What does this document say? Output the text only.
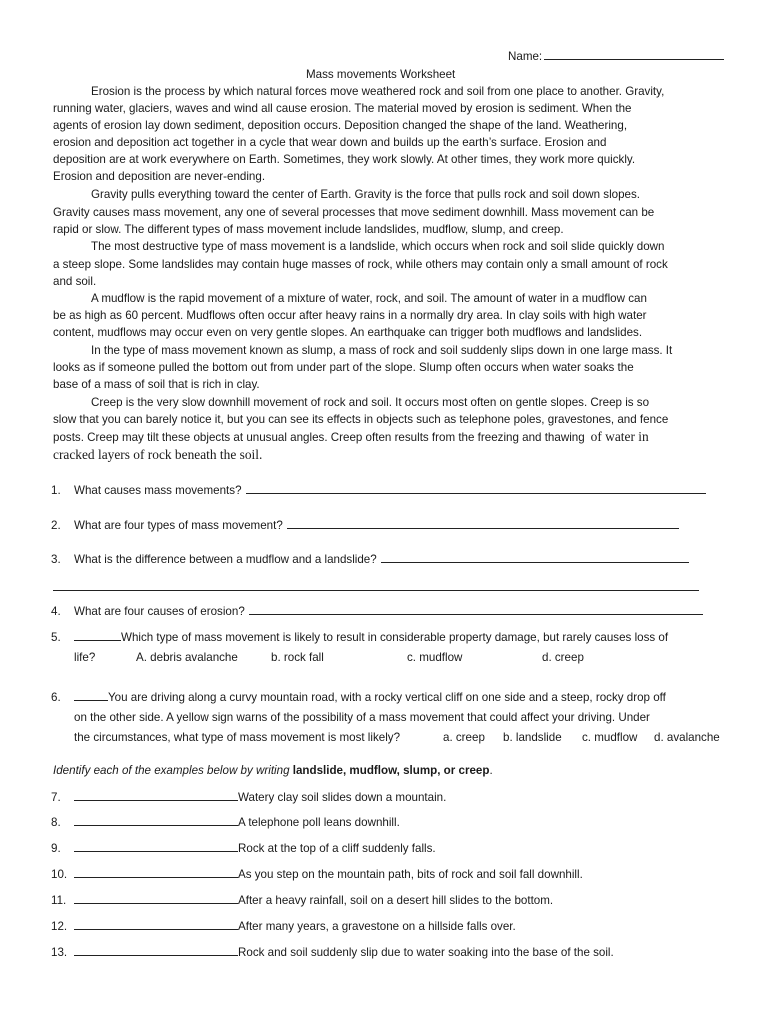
Name:
Mass movements Worksheet
Erosion is the process by which natural forces move weathered rock and soil from one place to another. Gravity,
running water, glaciers, waves and wind all cause erosion. The material moved by erosion is sediment. When the
agents of erosion lay down sediment, deposition occurs. Deposition changed the shape of the land. Weathering,
erosion and deposition act together in a cycle that wear down and builds up the earth’s surface. Erosion and
deposition are at work everywhere on Earth. Sometimes, they work slowly. At other times, they work more quickly.
Erosion and deposition are never-ending.
Gravity pulls everything toward the center of Earth. Gravity is the force that pulls rock and soil down slopes.
Gravity causes mass movement, any one of several processes that move sediment downhill. Mass movement can be
rapid or slow. The different types of mass movement include landslides, mudflow, slump, and creep.
The most destructive type of mass movement is a landslide, which occurs when rock and soil slide quickly down
a steep slope. Some landslides may contain huge masses of rock, while others may contain only a small amount of rock
and soil.
A mudflow is the rapid movement of a mixture of water, rock, and soil. The amount of water in a mudflow can
be as high as 60 percent. Mudflows often occur after heavy rains in a normally dry area. In clay soils with high water
content, mudflows may occur even on very gentle slopes. An earthquake can trigger both mudflows and landslides.
In the type of mass movement known as slump, a mass of rock and soil suddenly slips down in one large mass. It
looks as if someone pulled the bottom out from under part of the slope. Slump often occurs when water soaks the
base of a mass of soil that is rich in clay.
Creep is the very slow downhill movement of rock and soil. It occurs most often on gentle slopes. Creep is so
slow that you can barely notice it, but you can see its effects in objects such as telephone poles, gravestones, and fence
posts. Creep may tilt these objects at unusual angles. Creep often results from the freezing and thawing of water in
cracked layers of rock beneath the soil.
1. What causes mass movements?
2. What are four types of mass movement?
3. What is the difference between a mudflow and a landslide?
4. What are four causes of erosion?
5.	Which type of mass movement is likely to result in considerable property damage, but rarely causes loss of
life?	A. debris avalanche	b. rock fall	c. mudflow	d. creep
6.	You are driving along a curvy mountain road, with a rocky vertical cliff on one side and a steep, rocky drop off
on the other side. A yellow sign warns of the possibility of a mass movement that could affect your driving. Under
the circumstances, what type of mass movement is most likely?	a. creep b. landslide c. mudflow d. avalanche
Identify each of the examples below by writing landslide, mudflow, slump, or creep.
7.	Watery clay soil slides down a mountain.
8.	A telephone poll leans downhill.
9.	Rock at the top of a cliff suddenly falls.
10.	As you step on the mountain path, bits of rock and soil fall downhill.
11.	After a heavy rainfall, soil on a desert hill slides to the bottom.
12.	After many years, a gravestone on a hillside falls over.
13.	Rock and soil suddenly slip due to water soaking into the base of the soil.
